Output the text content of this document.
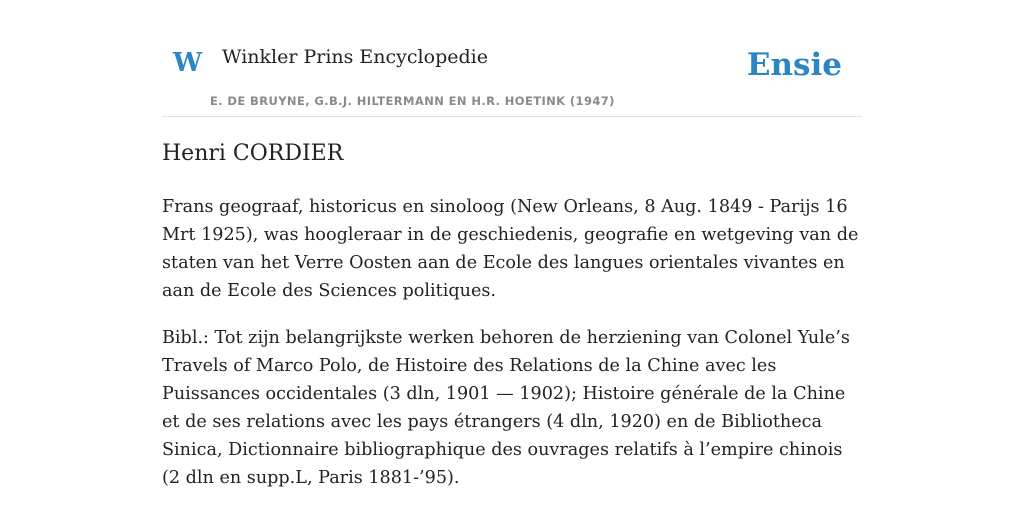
W Winkler Prins Encyclopedie
E. DE BRUYNE, G.B.J. HILTERMANN EN H.R. HOETINK (1947)
Ensie
Henri CORDIER

Frans geograaf, historicus en sinoloog (New Orleans, 8 Aug. 1849 - Parijs 16 Mrt 1925), was hoogleraar in de geschiedenis, geografie en wetgeving van de staten van het Verre Oosten aan de Ecole des langues orientales vivantes en aan de Ecole des Sciences politiques.

Bibl.: Tot zijn belangrijkste werken behoren de herziening van Colonel Yule’s Travels of Marco Polo, de Histoire des Relations de la Chine avec les Puissances occidentales (3 dln, 1901 — 1902); Histoire générale de la Chine et de ses relations avec les pays étrangers (4 dln, 1920) en de Bibliotheca Sinica, Dictionnaire bibliographique des ouvrages relatifs à l’empire chinois (2 dln en supp.L, Paris 1881-’95).
